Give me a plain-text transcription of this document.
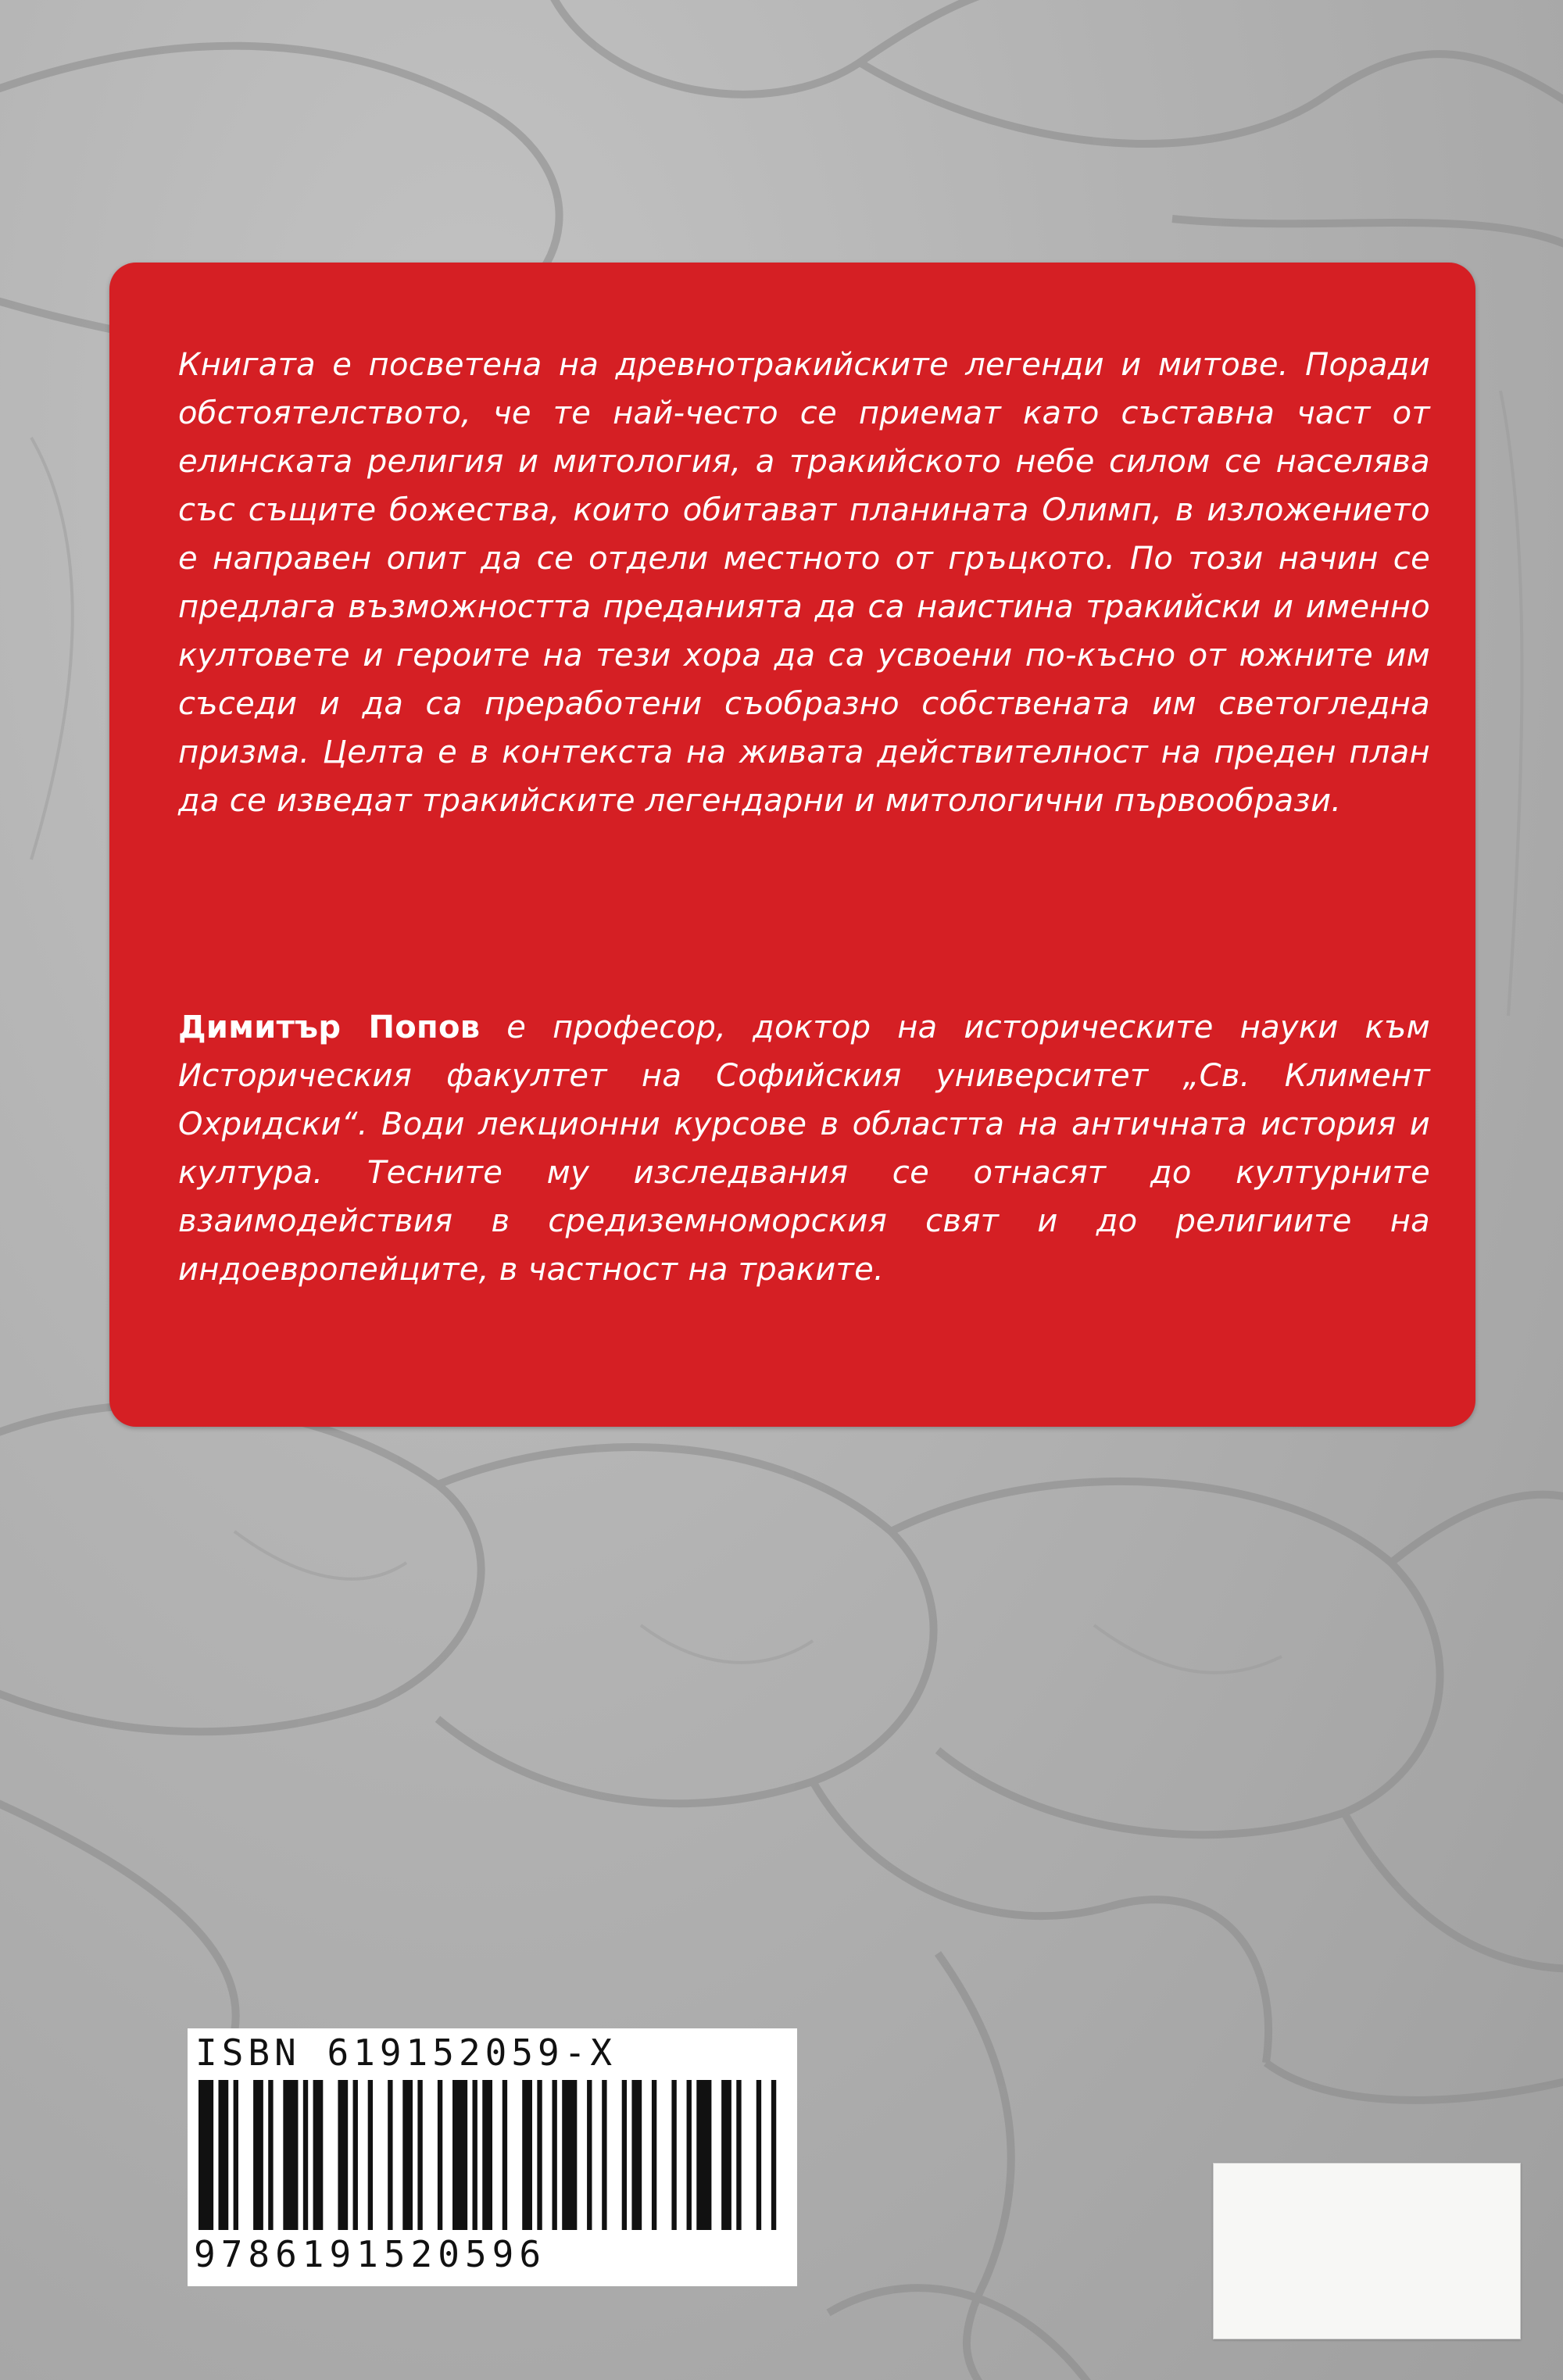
Книгата е посветена на древнотракийските легенди и митове. Поради обстоятелството, че те най-често се приемат като съставна част от елинската религия и митология, а тракийското небе силом се населява със същите божества, които обитават планината Олимп, в изложението е направен опит да се отдели местното от гръцкото. По този начин се предлага възможността преданията да са наистина тракийски и именно култовете и героите на тези хора да са усвоени по-късно от южните им съседи и да са преработени съобразно собствената им светогледна призма. Целта е в контекста на живата действителност на преден план да се изведат тракийските легендарни и митологични първообрази.
Димитър Попов е професор, доктор на историческите науки към Историческия факултет на Софийския университет „Св. Климент Охридски“. Води лекционни курсове в областта на античната история и култура. Тесните му изследвания се отнасят до културните взаимодействия в средиземноморския свят и до религиите на индоевропейците, в частност на траките.
ISBN 619152059-X
9786191520596
